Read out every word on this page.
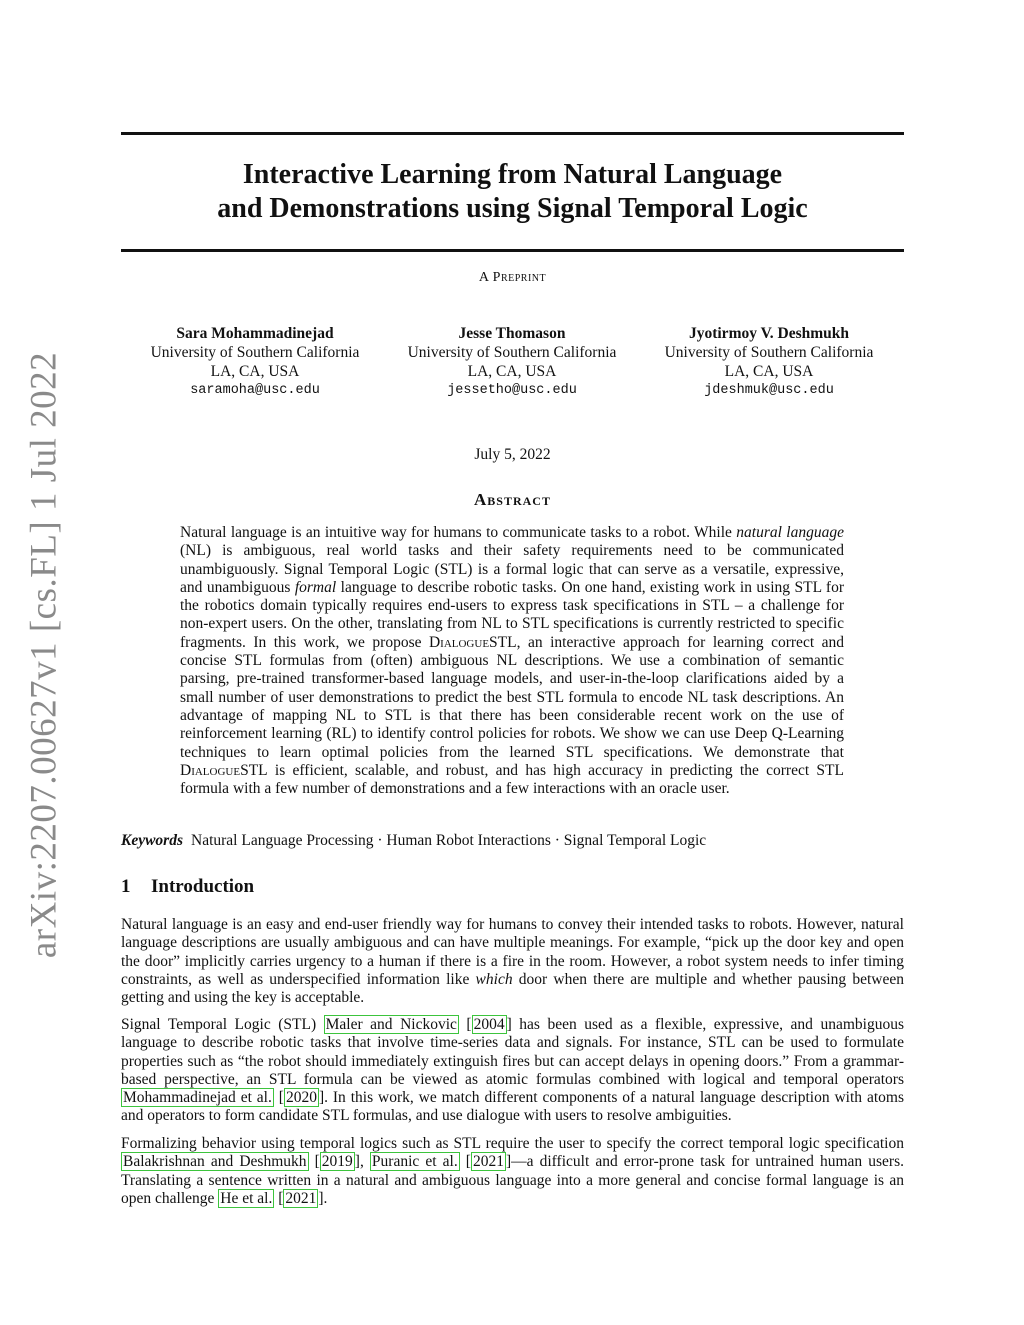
arXiv:2207.00627v1 [cs.FL] 1 Jul 2022
Interactive Learning from Natural Language
and Demonstrations using Signal Temporal Logic
A Preprint
Sara Mohammadinejad
University of Southern California
LA, CA, USA
saramoha@usc.edu
Jesse Thomason
University of Southern California
LA, CA, USA
jessetho@usc.edu
Jyotirmoy V. Deshmukh
University of Southern California
LA, CA, USA
jdeshmuk@usc.edu
July 5, 2022
Abstract
Natural language is an intuitive way for humans to communicate tasks to a robot. While natural language (NL) is ambiguous, real world tasks and their safety requirements need to be communicated unambiguously. Signal Temporal Logic (STL) is a formal logic that can serve as a versatile, expressive, and unambiguous formal language to describe robotic tasks. On one hand, existing work in using STL for the robotics domain typically requires end-users to express task specifications in STL – a challenge for non-expert users. On the other, translating from NL to STL specifications is currently restricted to specific fragments. In this work, we propose DialogueSTL, an interactive approach for learning correct and concise STL formulas from (often) ambiguous NL descriptions. We use a combination of semantic parsing, pre-trained transformer-based language models, and user-in-the-loop clarifications aided by a small number of user demonstrations to predict the best STL formula to encode NL task descriptions. An advantage of mapping NL to STL is that there has been considerable recent work on the use of reinforcement learning (RL) to identify control policies for robots. We show we can use Deep Q-Learning techniques to learn optimal policies from the learned STL specifications. We demonstrate that DialogueSTL is efficient, scalable, and robust, and has high accuracy in predicting the correct STL formula with a few number of demonstrations and a few interactions with an oracle user.
Keywords Natural Language Processing · Human Robot Interactions · Signal Temporal Logic
1 Introduction
Natural language is an easy and end-user friendly way for humans to convey their intended tasks to robots. However, natural language descriptions are usually ambiguous and can have multiple meanings. For example, “pick up the door key and open the door” implicitly carries urgency to a human if there is a fire in the room. However, a robot system needs to infer timing constraints, as well as underspecified information like which door when there are multiple and whether pausing between getting and using the key is acceptable.
Signal Temporal Logic (STL) Maler and Nickovic [ 2004 ] has been used as a flexible, expressive, and unambiguous language to describe robotic tasks that involve time-series data and signals. For instance, STL can be used to formulate properties such as “the robot should immediately extinguish fires but can accept delays in opening doors.” From a grammar-based perspective, an STL formula can be viewed as atomic formulas combined with logical and temporal operators Mohammadinejad et al. [ 2020 ]. In this work, we match different components of a natural language description with atoms and operators to form candidate STL formulas, and use dialogue with users to resolve ambiguities.
Formalizing behavior using temporal logics such as STL require the user to specify the correct temporal logic specification Balakrishnan and Deshmukh [ 2019 ], Puranic et al. [ 2021 ]—a difficult and error-prone task for untrained human users. Translating a sentence written in a natural and ambiguous language into a more general and concise formal language is an open challenge He et al. [ 2021 ].
